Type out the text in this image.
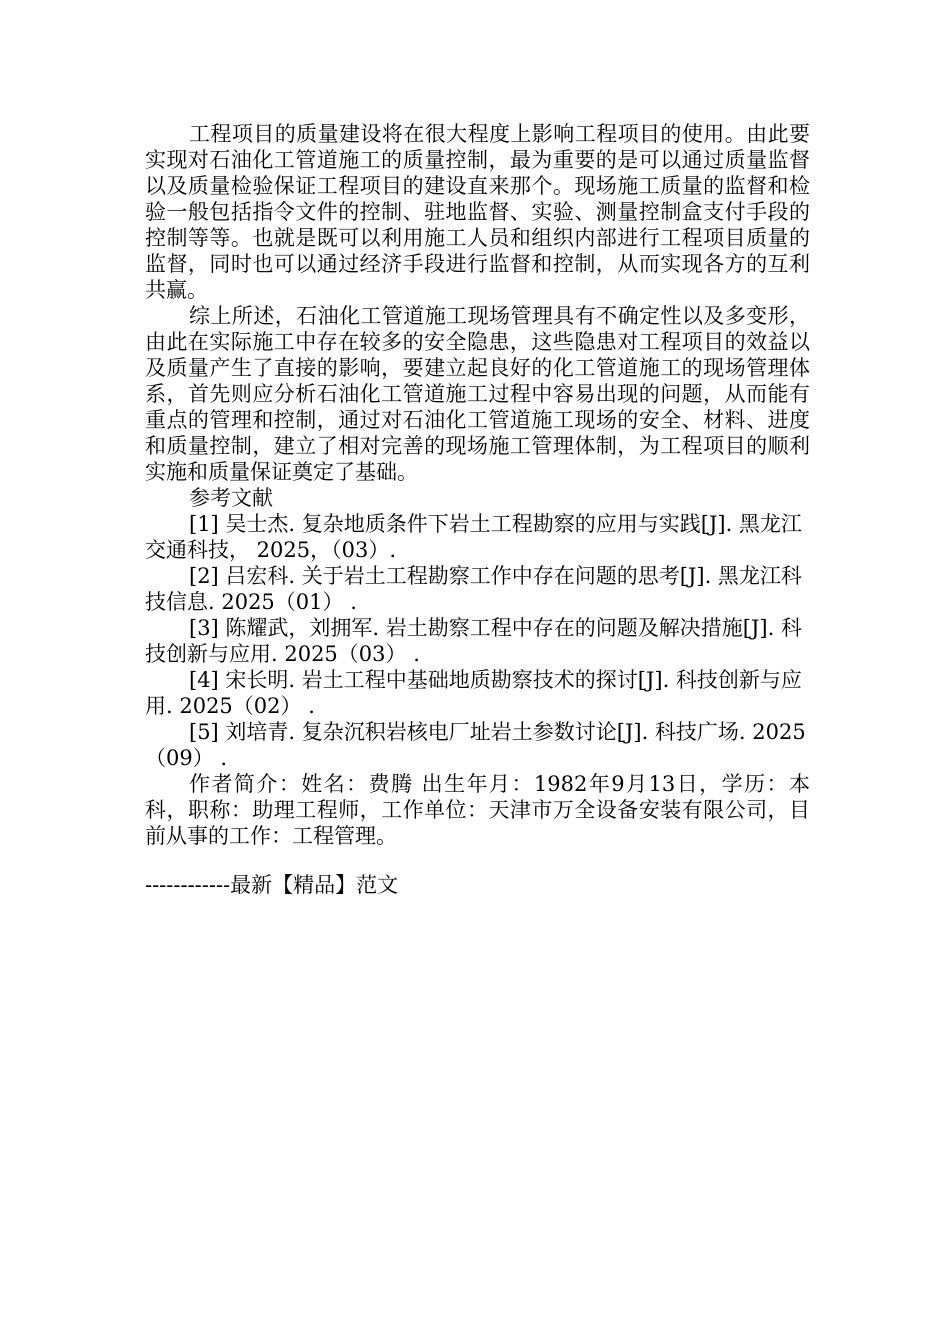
工程项目的质量建设将在很大程度上影响工程项目的使用。由此要实现对石油化工管道施工的质量控制，最为重要的是可以通过质量监督以及质量检验保证工程项目的建设直来那个。现场施工质量的监督和检验一般包括指令文件的控制、驻地监督、实验、测量控制盒支付手段的控制等等。也就是既可以利用施工人员和组织内部进行工程项目质量的监督，同时也可以通过经济手段进行监督和控制，从而实现各方的互利共赢。

综上所述，石油化工管道施工现场管理具有不确定性以及多变形，由此在实际施工中存在较多的安全隐患，这些隐患对工程项目的效益以及质量产生了直接的影响，要建立起良好的化工管道施工的现场管理体系，首先则应分析石油化工管道施工过程中容易出现的问题，从而能有重点的管理和控制，通过对石油化工管道施工现场的安全、材料、进度和质量控制，建立了相对完善的现场施工管理体制，为工程项目的顺利实施和质量保证奠定了基础。

参考文献

[1] 吴士杰. 复杂地质条件下岩土工程勘察的应用与实践[J]. 黑龙江交通科技， 2025，（03）.

[2] 吕宏科. 关于岩土工程勘察工作中存在问题的思考[J]. 黑龙江科技信息. 2025（01） .

[3] 陈耀武，刘拥军. 岩土勘察工程中存在的问题及解决措施[J]. 科技创新与应用. 2025（03） .

[4] 宋长明. 岩土工程中基础地质勘察技术的探讨[J]. 科技创新与应用. 2025（02） .

[5] 刘培青. 复杂沉积岩核电厂址岩土参数讨论[J]. 科技广场. 2025（09） .

作者简介：姓名：费腾 出生年月：1982年9月13日，学历：本科，职称：助理工程师，工作单位：天津市万全设备安装有限公司，目前从事的工作：工程管理。

------------最新【精品】范文
